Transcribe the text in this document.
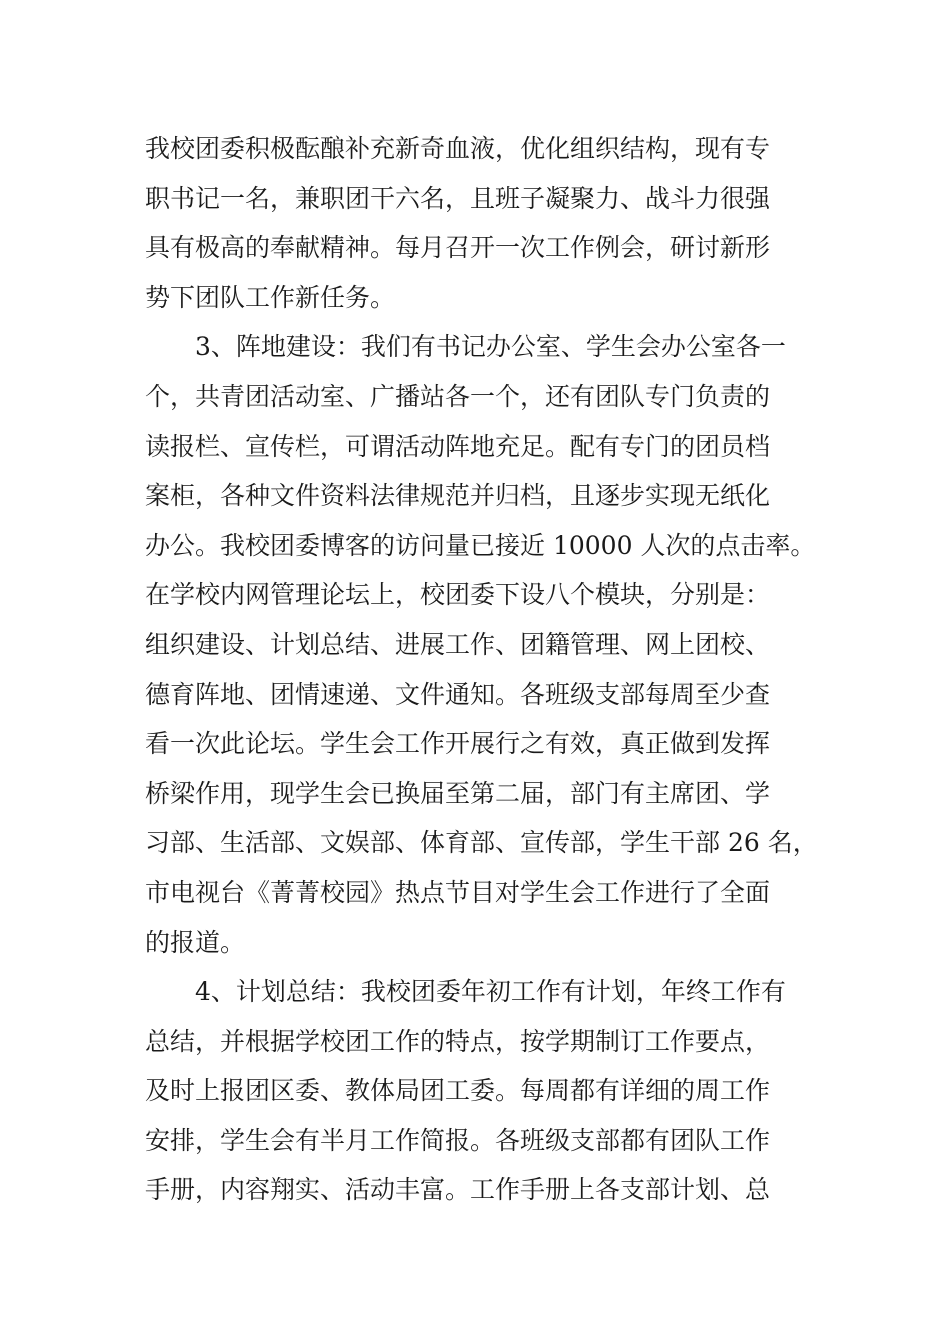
我校团委积极酝酿补充新奇血液，优化组织结构，现有专
职书记一名，兼职团干六名，且班子凝聚力、战斗力很强
具有极高的奉献精神。每月召开一次工作例会，研讨新形
势下团队工作新任务。
3、阵地建设：我们有书记办公室、学生会办公室各一
个，共青团活动室、广播站各一个，还有团队专门负责的
读报栏、宣传栏，可谓活动阵地充足。配有专门的团员档
案柜，各种文件资料法律规范并归档，且逐步实现无纸化
办公。我校团委博客的访问量已接近 10000 人次的点击率。
在学校内网管理论坛上，校团委下设八个模块，分别是：
组织建设、计划总结、进展工作、团籍管理、网上团校、
德育阵地、团情速递、文件通知。各班级支部每周至少查
看一次此论坛。学生会工作开展行之有效，真正做到发挥
桥梁作用，现学生会已换届至第二届，部门有主席团、学
习部、生活部、文娱部、体育部、宣传部，学生干部 26 名，
市电视台《菁菁校园》热点节目对学生会工作进行了全面
的报道。
4、计划总结：我校团委年初工作有计划，年终工作有
总结，并根据学校团工作的特点，按学期制订工作要点，
及时上报团区委、教体局团工委。每周都有详细的周工作
安排，学生会有半月工作简报。各班级支部都有团队工作
手册，内容翔实、活动丰富。工作手册上各支部计划、总
